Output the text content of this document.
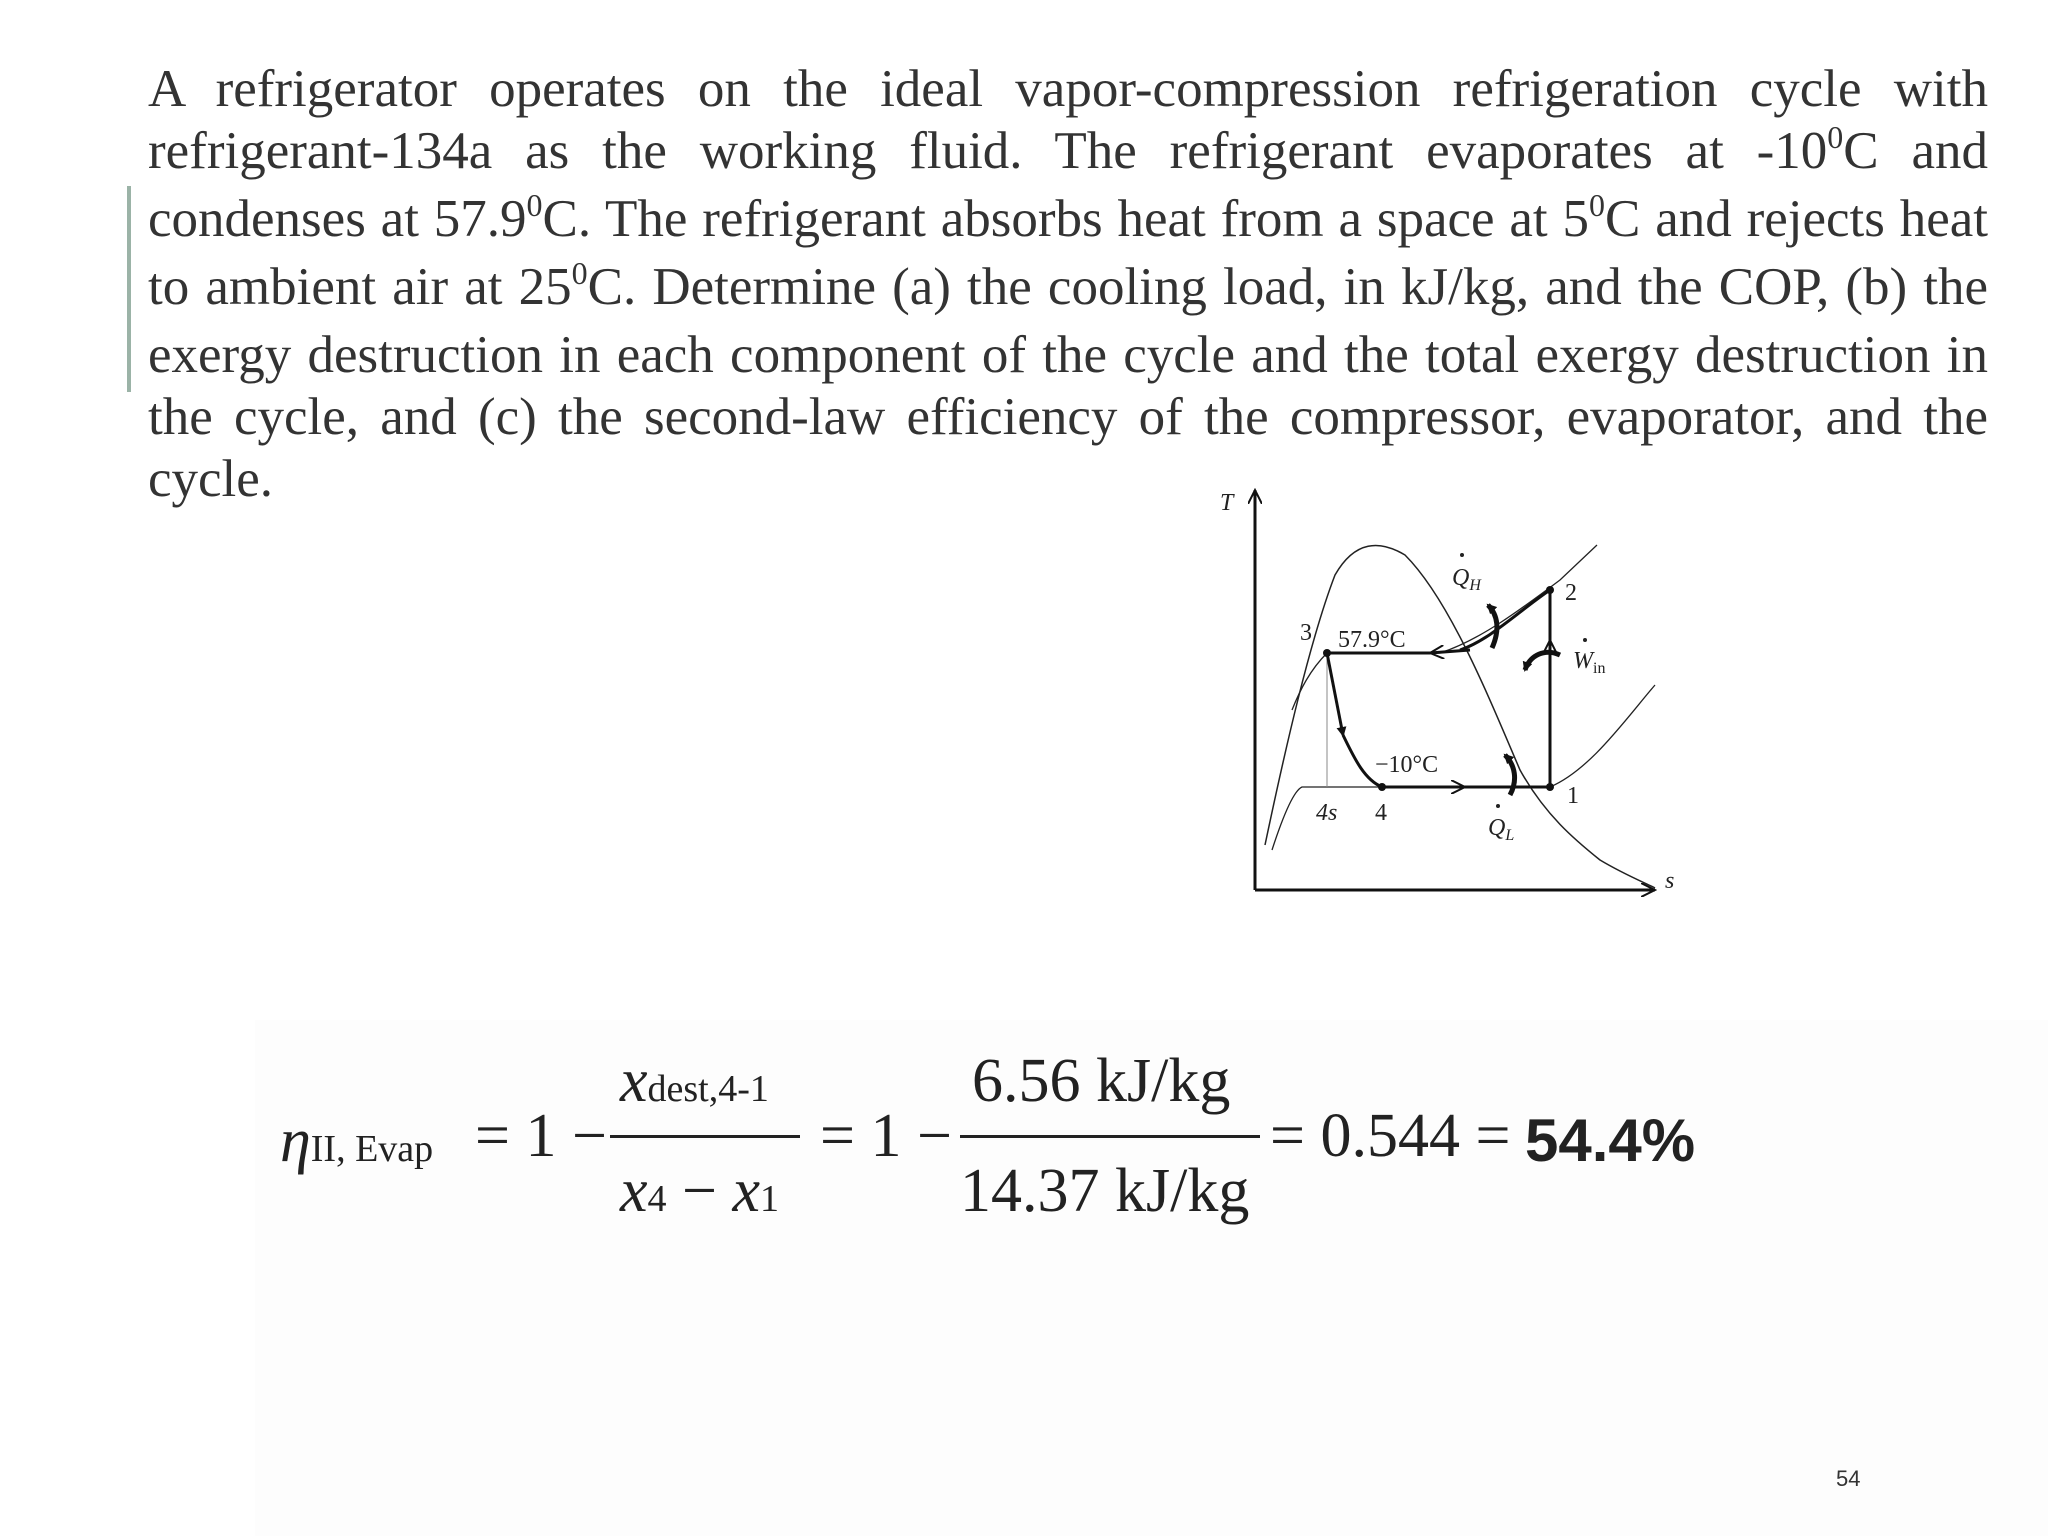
A refrigerator operates on the ideal vapor-compression refrigeration cycle with refrigerant-134a as the working fluid. The refrigerant evaporates at $-10^0C$ and condenses at 57.9$^0$C. The refrigerant absorbs heat from a space at $5^0C$ and rejects heat to ambient air at $25^0C$. Determine (a) the cooling load, in kJ/kg, and the COP, (b) the exergy destruction in each component of the cycle and the total exergy destruction in the cycle, and (c) the second-law efficiency of the compressor, evaporator, and the cycle.	T
s
57.9°C
−10°C
1
2
3
4
4s
$Q_H$
$Q_L$
$W_{in}$
ηII, Evap = 1 −
xdest,4-1
x4 − x1
= 1 −
6.56 kJ/kg
14.37 kJ/kg
= 0.544 = 54.4%
54
